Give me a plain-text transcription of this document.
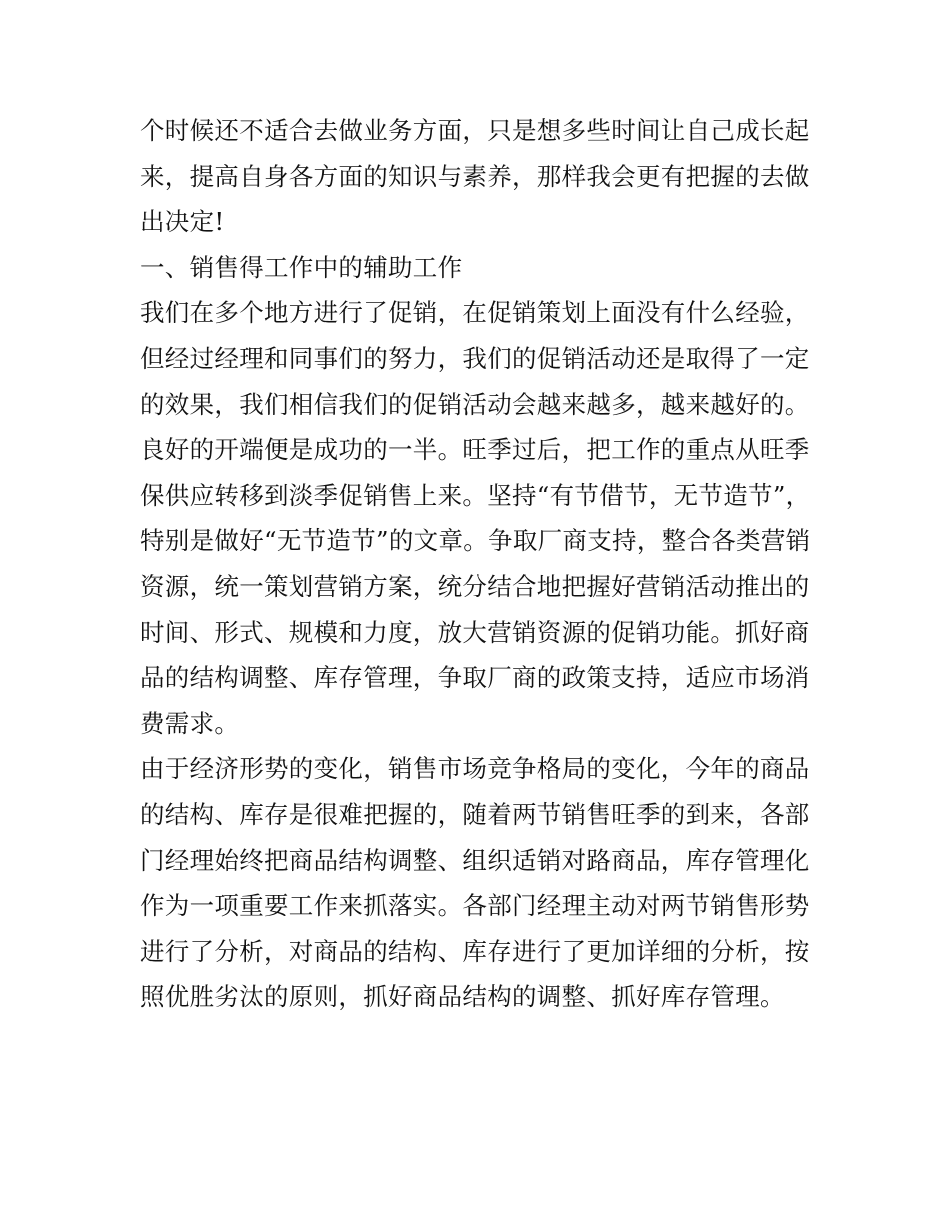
个时候还不适合去做业务方面，只是想多些时间让自己成长起
来，提高自身各方面的知识与素养，那样我会更有把握的去做
出决定!
一、销售得工作中的辅助工作
我们在多个地方进行了促销，在促销策划上面没有什么经验，
但经过经理和同事们的努力，我们的促销活动还是取得了一定
的效果，我们相信我们的促销活动会越来越多，越来越好的。
良好的开端便是成功的一半。旺季过后，把工作的重点从旺季
保供应转移到淡季促销售上来。坚持“有节借节，无节造节”，
特别是做好“无节造节”的文章。争取厂商支持，整合各类营销
资源，统一策划营销方案，统分结合地把握好营销活动推出的
时间、形式、规模和力度，放大营销资源的促销功能。抓好商
品的结构调整、库存管理，争取厂商的政策支持，适应市场消
费需求。
由于经济形势的变化，销售市场竞争格局的变化，今年的商品
的结构、库存是很难把握的，随着两节销售旺季的到来，各部
门经理始终把商品结构调整、组织适销对路商品，库存管理化
作为一项重要工作来抓落实。各部门经理主动对两节销售形势
进行了分析，对商品的结构、库存进行了更加详细的分析，按
照优胜劣汰的原则，抓好商品结构的调整、抓好库存管理。
